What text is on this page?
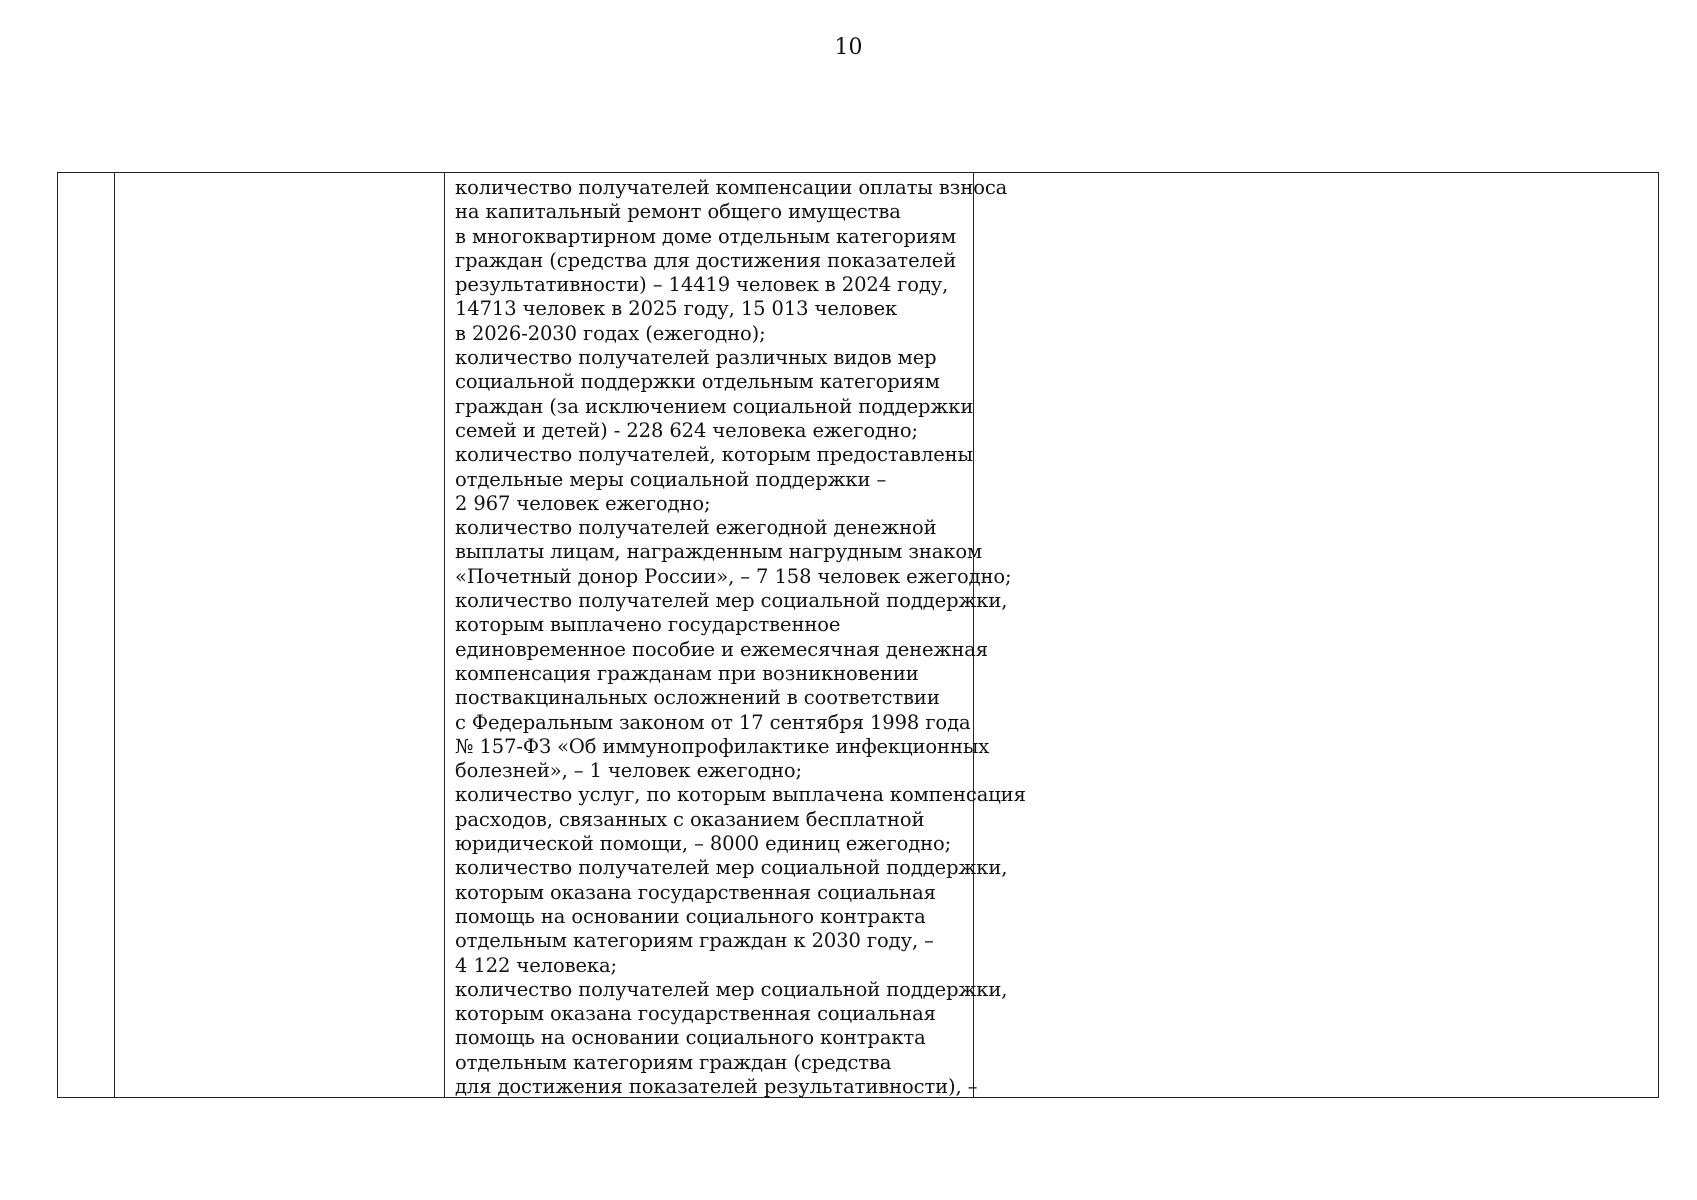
10
количество получателей компенсации оплаты взноса
на капитальный ремонт общего имущества
в многоквартирном доме отдельным категориям
граждан (средства для достижения показателей
результативности) – 14419 человек в 2024 году,
14713 человек в 2025 году, 15 013 человек
в 2026-2030 годах (ежегодно);
количество получателей различных видов мер
социальной поддержки отдельным категориям
граждан (за исключением социальной поддержки
семей и детей) - 228 624 человека ежегодно;
количество получателей, которым предоставлены
отдельные меры социальной поддержки –
2 967 человек ежегодно;
количество получателей ежегодной денежной
выплаты лицам, награжденным нагрудным знаком
«Почетный донор России», – 7 158 человек ежегодно;
количество получателей мер социальной поддержки,
которым выплачено государственное
единовременное пособие и ежемесячная денежная
компенсация гражданам при возникновении
поствакцинальных осложнений в соответствии
с Федеральным законом от 17 сентября 1998 года
№ 157-ФЗ «Об иммунопрофилактике инфекционных
болезней», – 1 человек ежегодно;
количество услуг, по которым выплачена компенсация
расходов, связанных с оказанием бесплатной
юридической помощи, – 8000 единиц ежегодно;
количество получателей мер социальной поддержки,
которым оказана государственная социальная
помощь на основании социального контракта
отдельным категориям граждан к 2030 году, –
4 122 человека;
количество получателей мер социальной поддержки,
которым оказана государственная социальная
помощь на основании социального контракта
отдельным категориям граждан (средства
для достижения показателей результативности), –
